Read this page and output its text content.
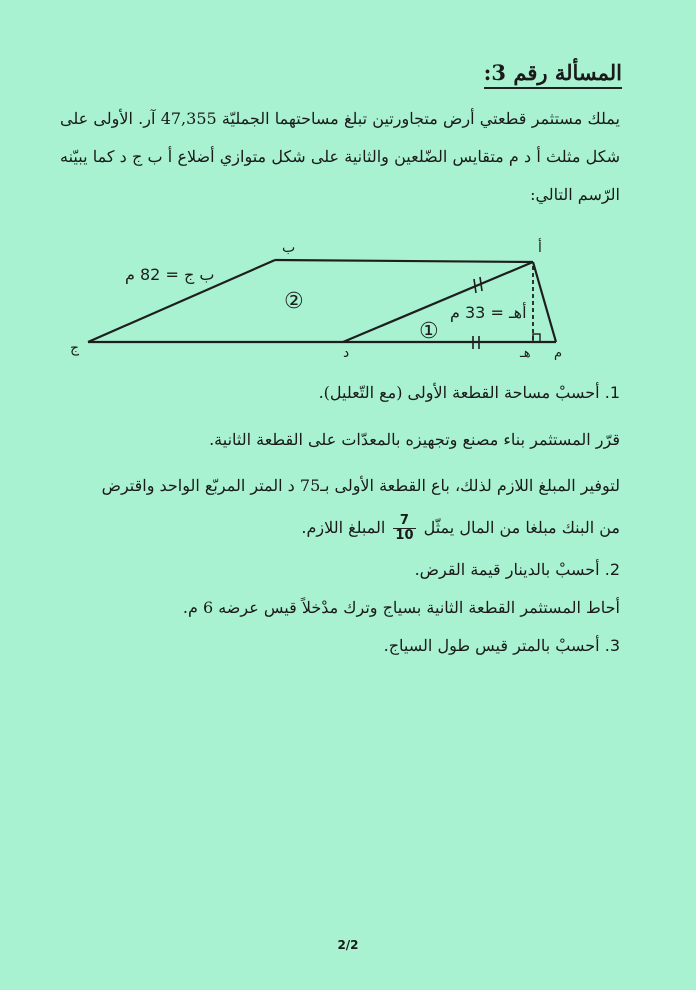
المسألة رقم 3:
يملك مستثمر قطعتي أرض متجاورتين تبلغ مساحتهما الجمليّة 47,355 آر. الأولى على شكل مثلث أ د م متقايس الضّلعين والثانية على شكل متوازي أضلاع أ ب ج د كما يبيّنه الرّسم التالي:
أ
ب
ج	د	هـ م
ب ج = 82 م
أهـ = 33 م
②
①
1. أحسبْ مساحة القطعة الأولى (مع التّعليل).
قرّر المستثمر بناء مصنع وتجهيزه بالمعدّات على القطعة الثانية.
لتوفير المبلغ اللازم لذلك، باع القطعة الأولى بـ75 د المتر المربّع الواحد واقترض
من البنك مبلغا من المال يمثّل
$\frac{7}{10}$
المبلغ اللازم.
2. أحسبْ بالدينار قيمة القرض.
أحاط المستثمر القطعة الثانية بسياج وترك مدْخلاً قيس عرضه 6 م.
3. أحسبْ بالمتر قيس طول السياج.
2/2
